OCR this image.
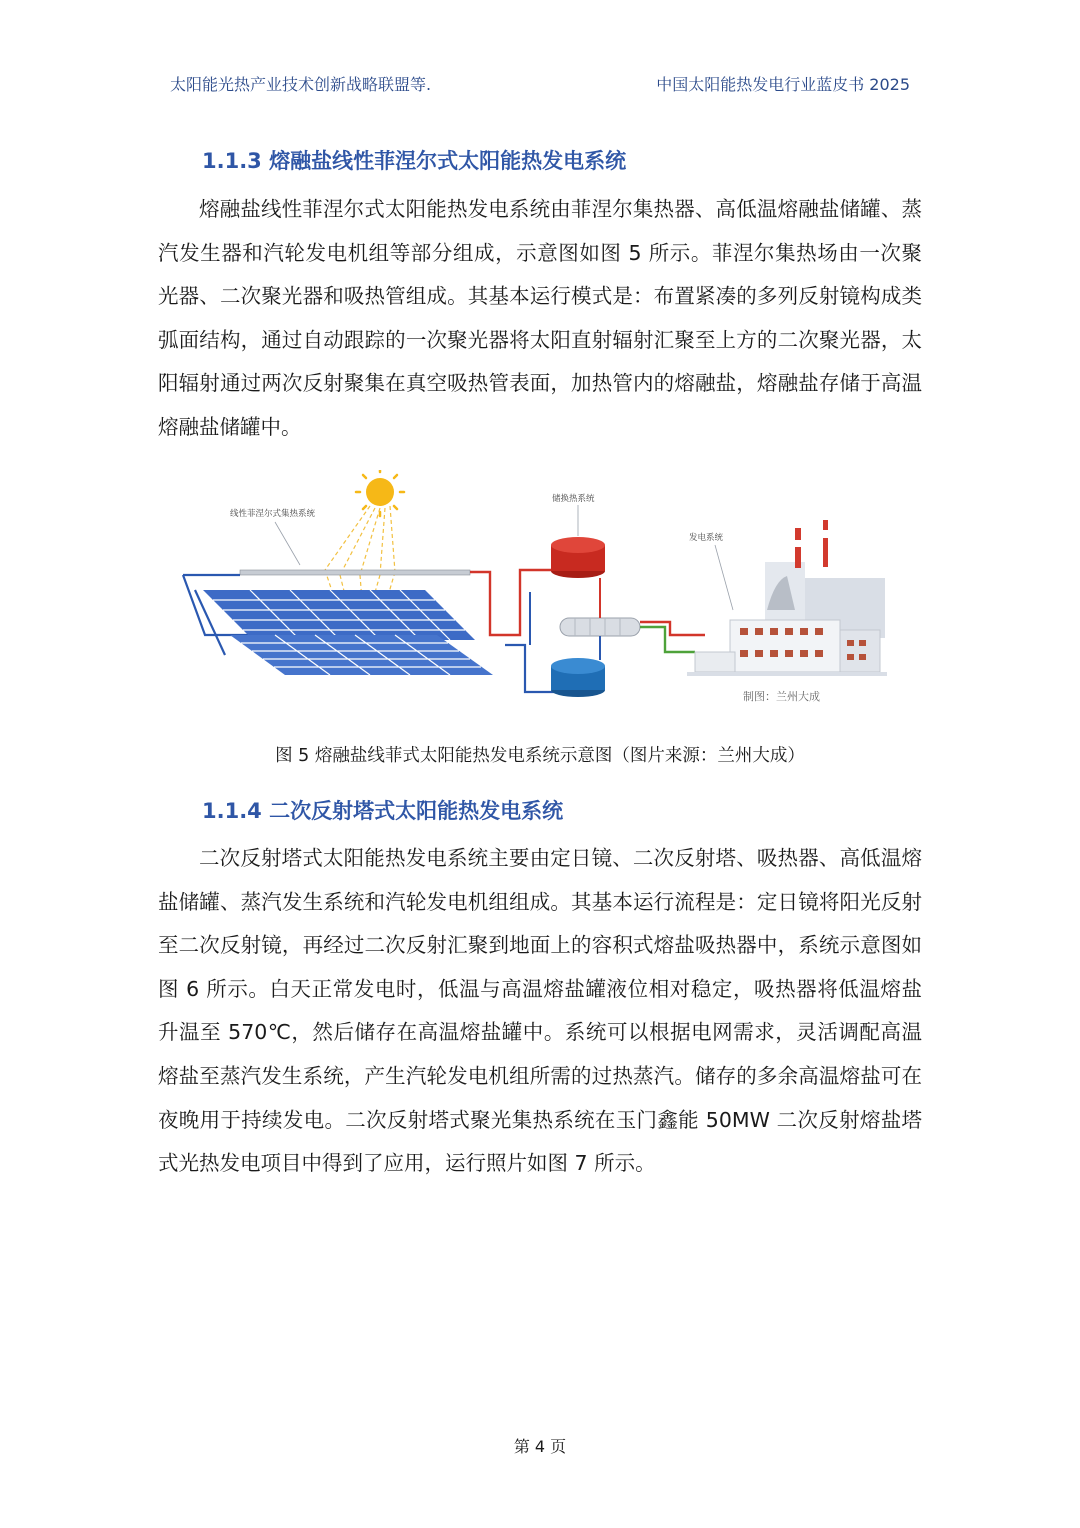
太阳能光热产业技术创新战略联盟等.	中国太阳能热发电行业蓝皮书 2025
1.1.3 熔融盐线性菲涅尔式太阳能热发电系统

熔融盐线性菲涅尔式太阳能热发电系统由菲涅尔集热器、高低温熔融盐储罐、蒸汽发生器和汽轮发电机组等部分组成，示意图如图 5 所示。菲涅尔集热场由一次聚光器、二次聚光器和吸热管组成。其基本运行模式是：布置紧凑的多列反射镜构成类弧面结构，通过自动跟踪的一次聚光器将太阳直射辐射汇聚至上方的二次聚光器，太阳辐射通过两次反射聚集在真空吸热管表面，加热管内的熔融盐，熔融盐存储于高温熔融盐储罐中。

线性菲涅尔式集热系统
储换热系统
发电系统
制图：兰州大成
图 5 熔融盐线菲式太阳能热发电系统示意图（图片来源：兰州大成）
1.1.4 二次反射塔式太阳能热发电系统

二次反射塔式太阳能热发电系统主要由定日镜、二次反射塔、吸热器、高低温熔盐储罐、蒸汽发生系统和汽轮发电机组组成。其基本运行流程是：定日镜将阳光反射至二次反射镜，再经过二次反射汇聚到地面上的容积式熔盐吸热器中，系统示意图如图 6 所示。白天正常发电时，低温与高温熔盐罐液位相对稳定，吸热器将低温熔盐升温至 570℃，然后储存在高温熔盐罐中。系统可以根据电网需求，灵活调配高温熔盐至蒸汽发生系统，产生汽轮发电机组所需的过热蒸汽。储存的多余高温熔盐可在夜晚用于持续发电。二次反射塔式聚光集热系统在玉门鑫能 50MW 二次反射熔盐塔式光热发电项目中得到了应用，运行照片如图 7 所示。

第 4 页
